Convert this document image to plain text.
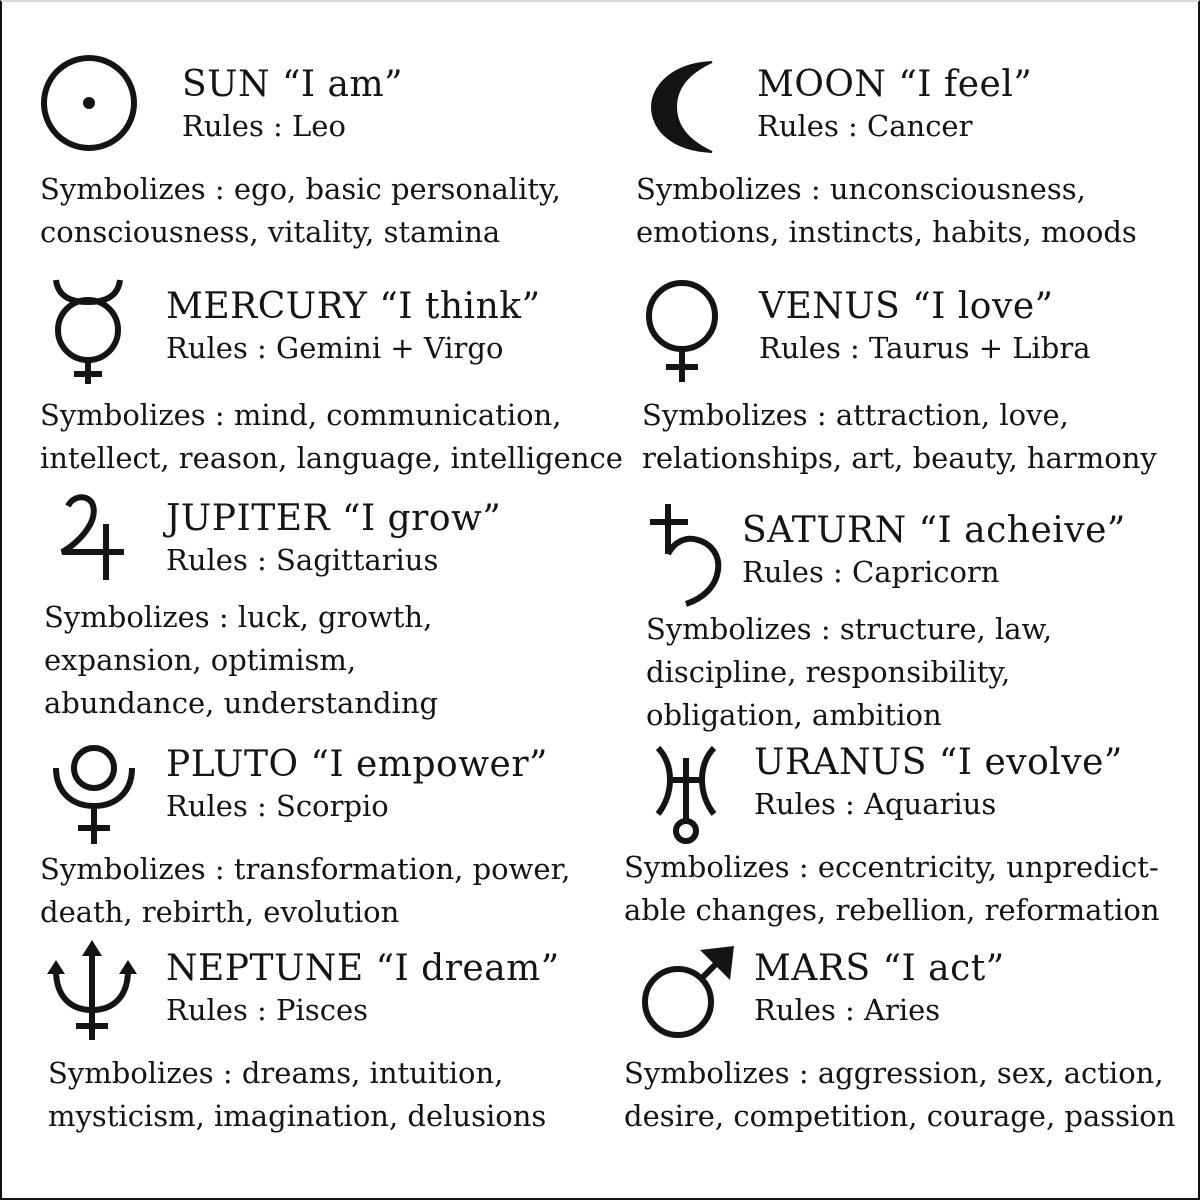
SUN “I am”
Rules : Leo
Symbolizes : ego, basic personality,
consciousness, vitality, stamina
MOON “I feel”
Rules : Cancer
Symbolizes : unconsciousness,
emotions, instincts, habits, moods
MERCURY “I think”
Rules : Gemini + Virgo
Symbolizes : mind, communication,
intellect, reason, language, intelligence
VENUS “I love”
Rules : Taurus + Libra
Symbolizes : attraction, love,
relationships, art, beauty, harmony
JUPITER “I grow”
Rules : Sagittarius
Symbolizes : luck, growth,
expansion, optimism,
abundance, understanding
SATURN “I acheive”
Rules : Capricorn
Symbolizes : structure, law,
discipline, responsibility,
obligation, ambition
PLUTO “I empower”
Rules : Scorpio
Symbolizes : transformation, power,
death, rebirth, evolution
URANUS “I evolve”
Rules : Aquarius
Symbolizes : eccentricity, unpredict-
able changes, rebellion, reformation
NEPTUNE “I dream”
Rules : Pisces
Symbolizes : dreams, intuition,
mysticism, imagination, delusions
MARS “I act”
Rules : Aries
Symbolizes : aggression, sex, action,
desire, competition, courage, passion
